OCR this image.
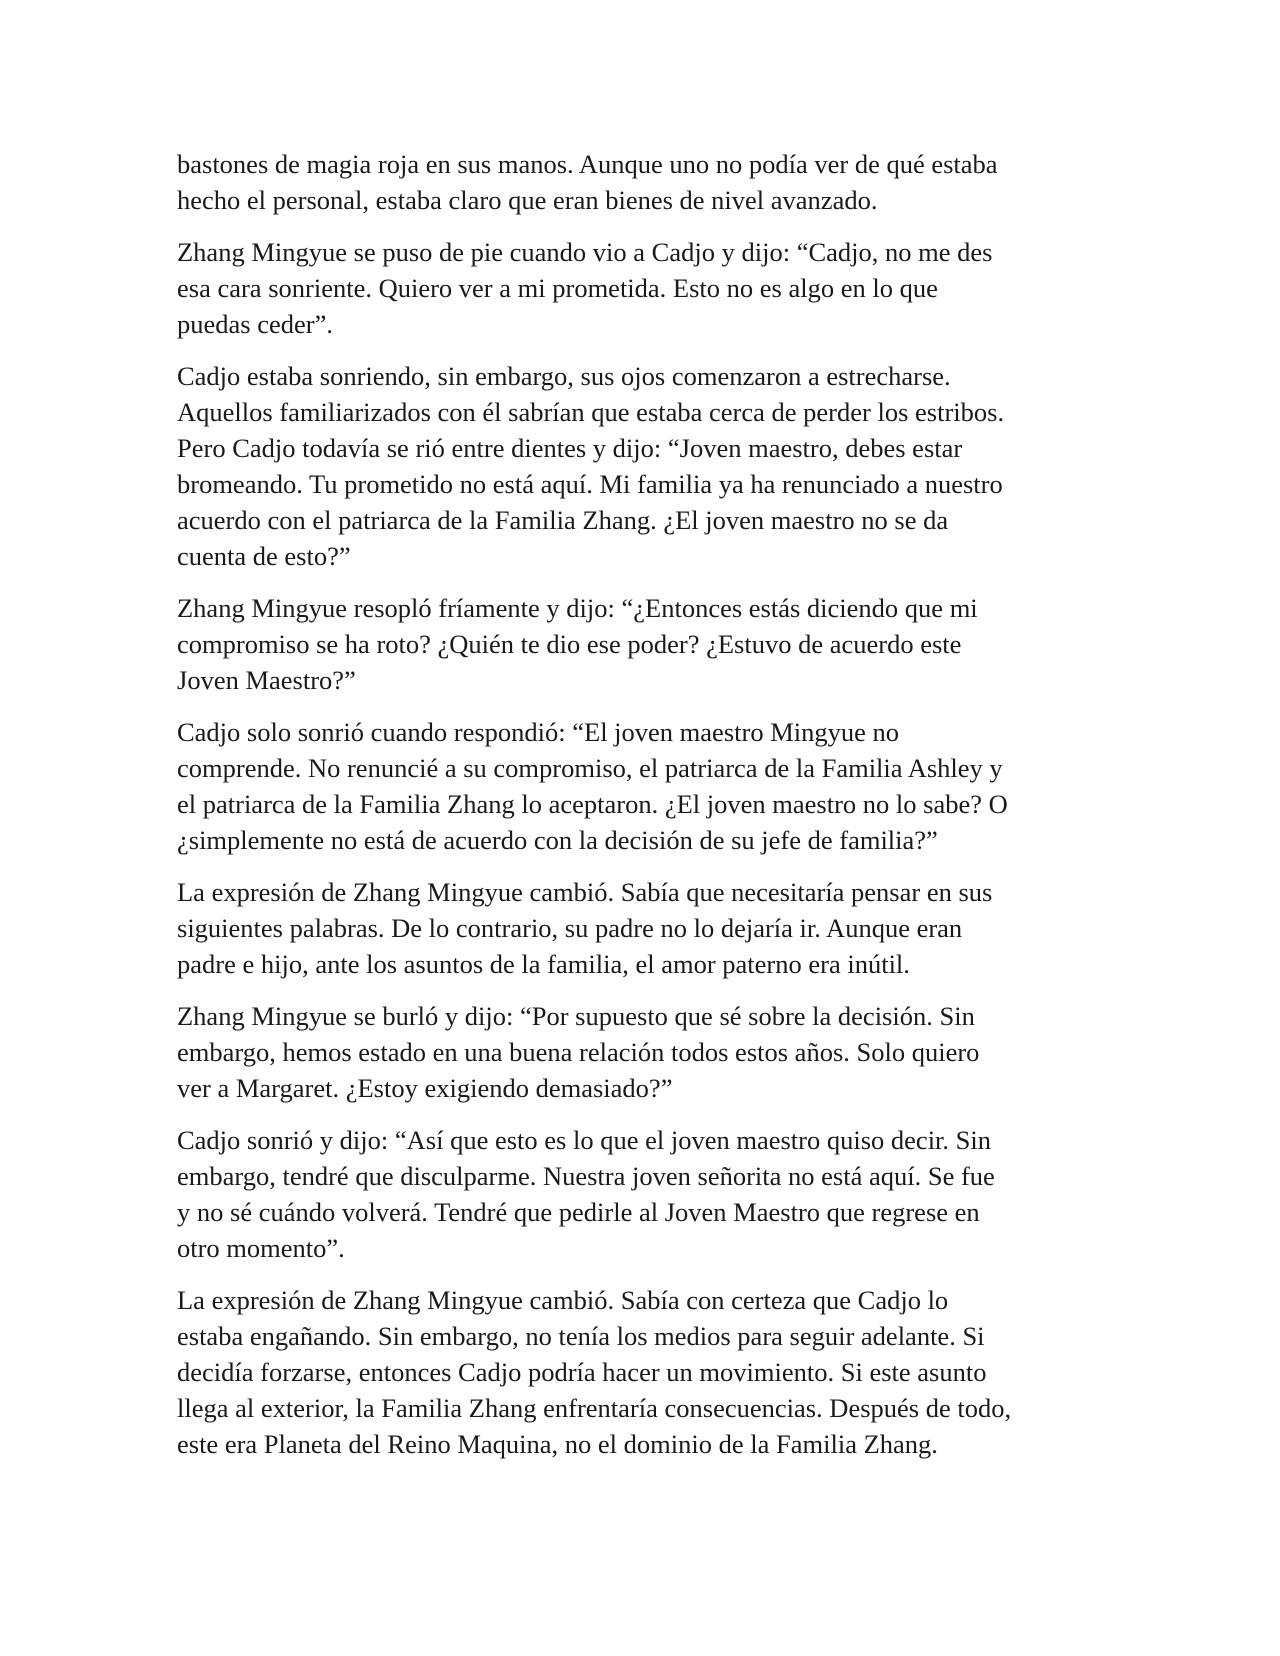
bastones de magia roja en sus manos. Aunque uno no podía ver de qué estaba
hecho el personal, estaba claro que eran bienes de nivel avanzado.

Zhang Mingyue se puso de pie cuando vio a Cadjo y dijo: “Cadjo, no me des
esa cara sonriente. Quiero ver a mi prometida. Esto no es algo en lo que
puedas ceder”.

Cadjo estaba sonriendo, sin embargo, sus ojos comenzaron a estrecharse.
Aquellos familiarizados con él sabrían que estaba cerca de perder los estribos.
Pero Cadjo todavía se rió entre dientes y dijo: “Joven maestro, debes estar
bromeando. Tu prometido no está aquí. Mi familia ya ha renunciado a nuestro
acuerdo con el patriarca de la Familia Zhang. ¿El joven maestro no se da
cuenta de esto?”

Zhang Mingyue resopló fríamente y dijo: “¿Entonces estás diciendo que mi
compromiso se ha roto? ¿Quién te dio ese poder? ¿Estuvo de acuerdo este
Joven Maestro?”

Cadjo solo sonrió cuando respondió: “El joven maestro Mingyue no
comprende. No renuncié a su compromiso, el patriarca de la Familia Ashley y
el patriarca de la Familia Zhang lo aceptaron. ¿El joven maestro no lo sabe? O
¿simplemente no está de acuerdo con la decisión de su jefe de familia?”

La expresión de Zhang Mingyue cambió. Sabía que necesitaría pensar en sus
siguientes palabras. De lo contrario, su padre no lo dejaría ir. Aunque eran
padre e hijo, ante los asuntos de la familia, el amor paterno era inútil.

Zhang Mingyue se burló y dijo: “Por supuesto que sé sobre la decisión. Sin
embargo, hemos estado en una buena relación todos estos años. Solo quiero
ver a Margaret. ¿Estoy exigiendo demasiado?”

Cadjo sonrió y dijo: “Así que esto es lo que el joven maestro quiso decir. Sin
embargo, tendré que disculparme. Nuestra joven señorita no está aquí. Se fue
y no sé cuándo volverá. Tendré que pedirle al Joven Maestro que regrese en
otro momento”.

La expresión de Zhang Mingyue cambió. Sabía con certeza que Cadjo lo
estaba engañando. Sin embargo, no tenía los medios para seguir adelante. Si
decidía forzarse, entonces Cadjo podría hacer un movimiento. Si este asunto
llega al exterior, la Familia Zhang enfrentaría consecuencias. Después de todo,
este era Planeta del Reino Maquina, no el dominio de la Familia Zhang.
